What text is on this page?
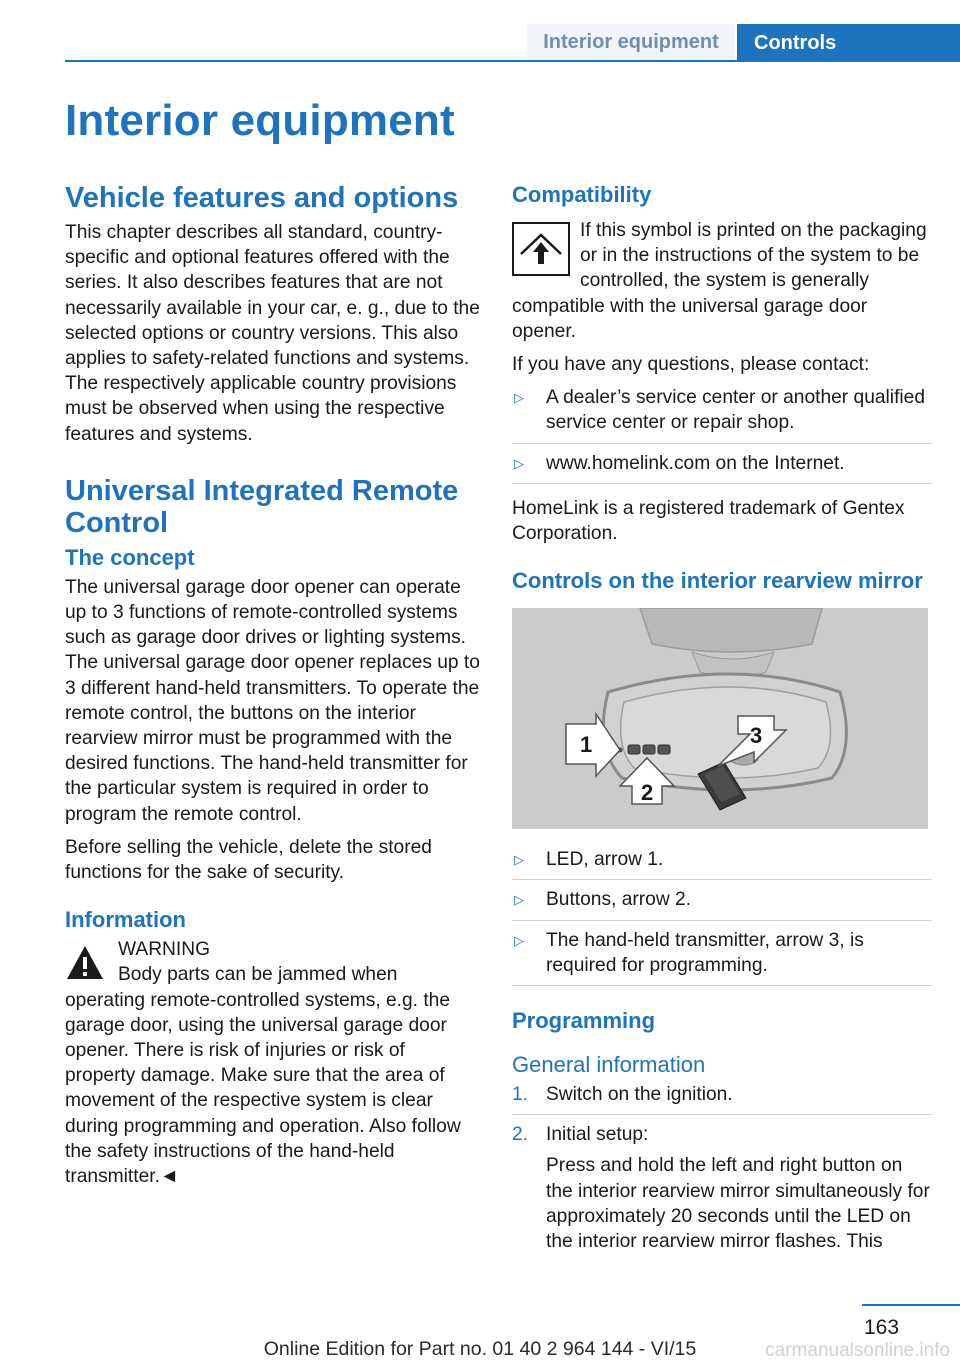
Interior equipment	Controls
Interior equipment
Vehicle features and options

This chapter describes all standard, country-specific and optional features offered with the series. It also describes features that are not necessarily available in your car, e. g., due to the selected options or country versions. This also applies to safety-related functions and systems. The respectively applicable country provisions must be observed when using the respective features and systems.

Universal Integrated Remote Control
The concept

The universal garage door opener can operate up to 3 functions of remote-controlled systems such as garage door drives or lighting systems. The universal garage door opener replaces up to 3 different hand-held transmitters. To operate the remote control, the buttons on the interior rearview mirror must be programmed with the desired functions. The hand-held transmitter for the particular system is required in order to program the remote control.

Before selling the vehicle, delete the stored functions for the sake of security.

Information

WARNING

Body parts can be jammed when operating remote-controlled systems, e.g. the garage door, using the universal garage door opener. There is risk of injuries or risk of property damage. Make sure that the area of movement of the respective system is clear during programming and operation. Also follow the safety instructions of the hand-held transmitter.◄

Compatibility

If this symbol is printed on the packaging or in the instructions of the system to be controlled, the system is generally compatible with the universal garage door opener.

If you have any questions, please contact:

▷ A dealer’s service center or another qualified service center or repair shop.
▷ www.homelink.com on the Internet.

HomeLink is a registered trademark of Gentex Corporation.

Controls on the interior rearview mirror
1
2
3
▷ LED, arrow 1.
▷ Buttons, arrow 2.
▷ The hand-held transmitter, arrow 3, is required for programming.
Programming
General information
1. Switch on the ignition.
2. Initial setup:
Press and hold the left and right button on the interior rearview mirror simultaneously for approximately 20 seconds until the LED on the interior rearview mirror flashes. This
163
Online Edition for Part no. 01 40 2 964 144 - VI/15	carmanualsonline.info
